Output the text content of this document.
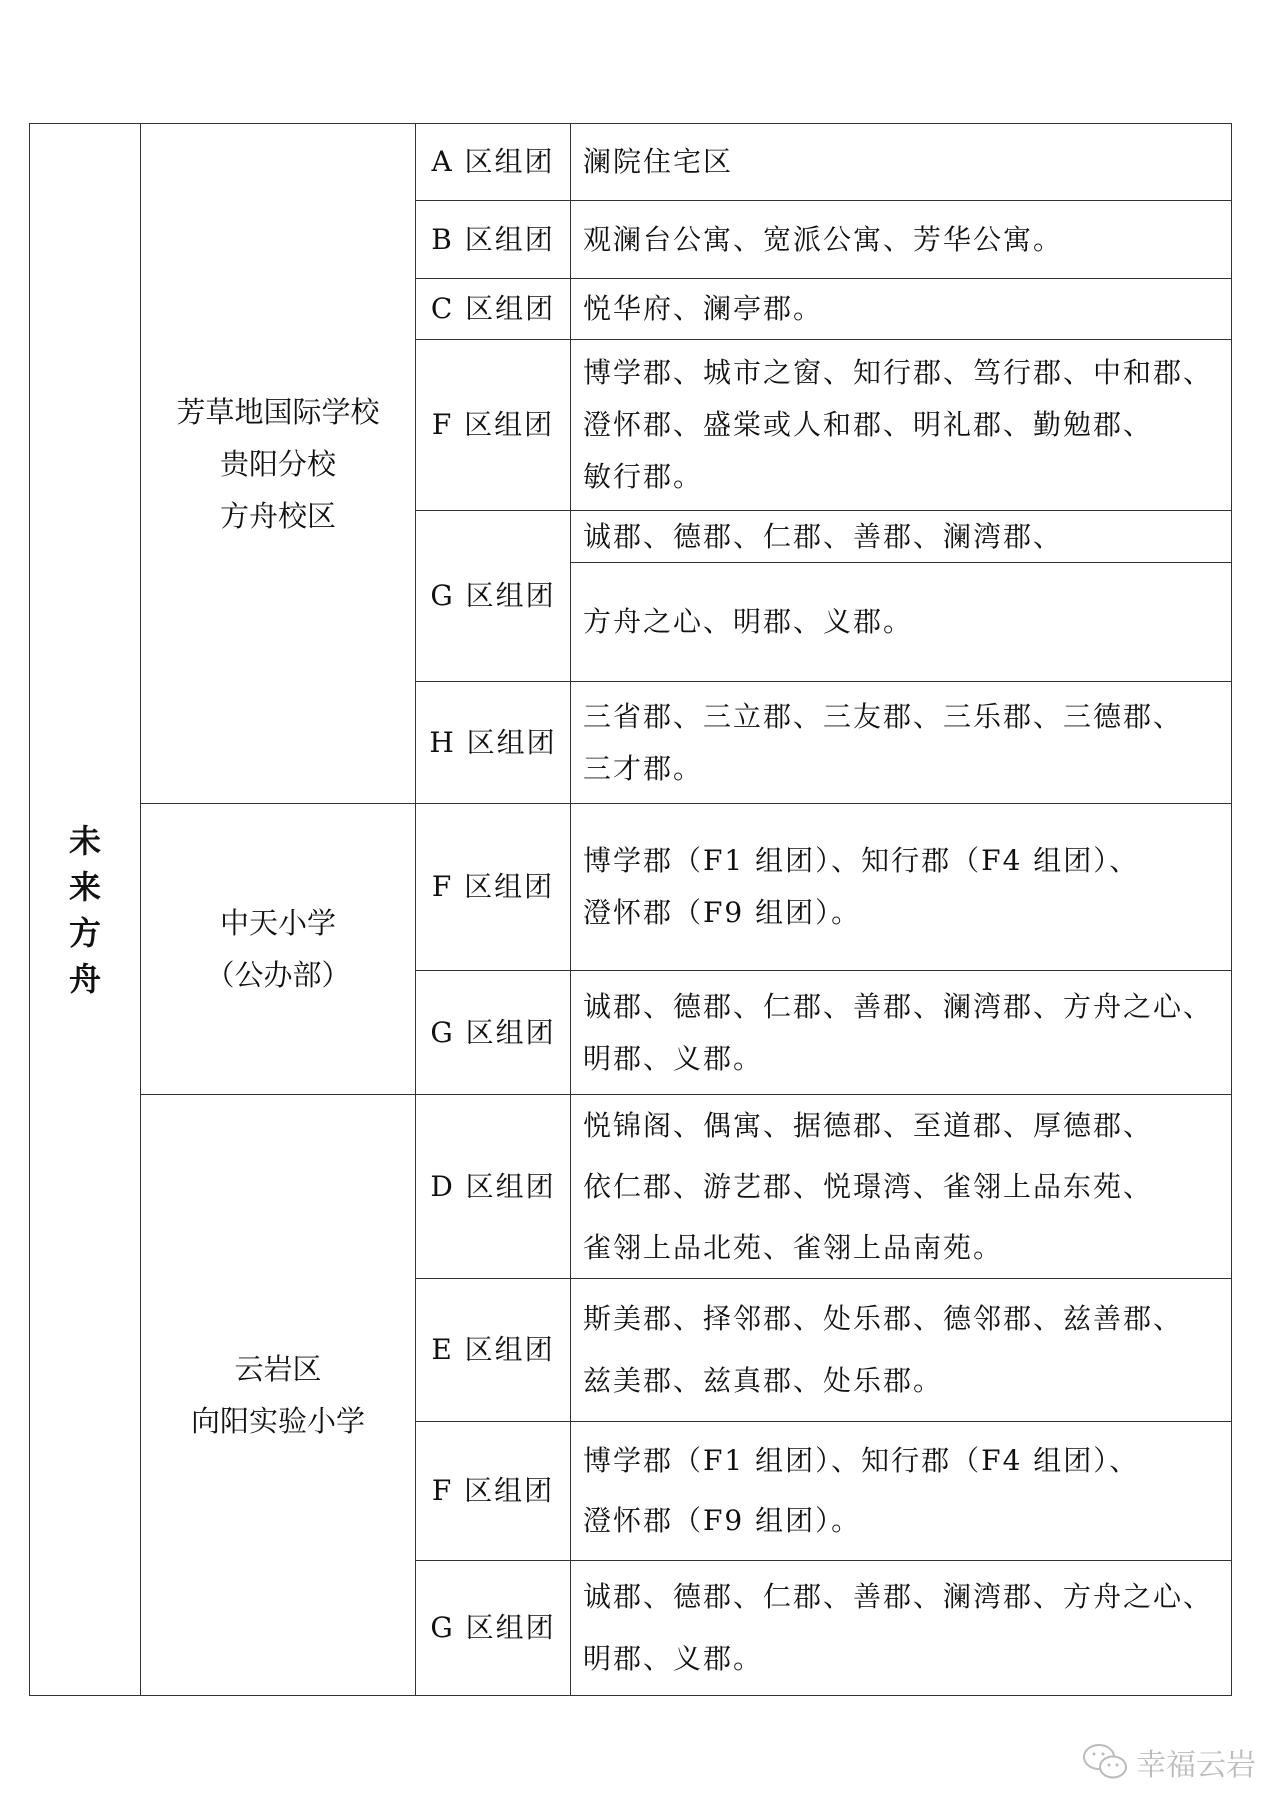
未来方舟
芳草地国际学校
贵阳分校
方舟校区
A 区组团	澜院住宅区
B 区组团	观澜台公寓、宽派公寓、芳华公寓。
C 区组团 悦华府、澜亭郡。
F 区组团
博学郡、城市之窗、知行郡、笃行郡、中和郡、
澄怀郡、盛棠或人和郡、明礼郡、勤勉郡、
敏行郡。
G 区组团
诚郡、德郡、仁郡、善郡、澜湾郡、
方舟之心、明郡、义郡。
H 区组团
三省郡、三立郡、三友郡、三乐郡、三德郡、
三才郡。
中天小学
（公办部）
F 区组团
博学郡（F1 组团）、知行郡（F4 组团）、
澄怀郡（F9 组团）。
G 区组团
诚郡、德郡、仁郡、善郡、澜湾郡、方舟之心、
明郡、义郡。
云岩区
向阳实验小学
D 区组团
悦锦阁、偶寓、据德郡、至道郡、厚德郡、
依仁郡、游艺郡、悦璟湾、雀翎上品东苑、
雀翎上品北苑、雀翎上品南苑。
E 区组团
斯美郡、择邻郡、处乐郡、德邻郡、兹善郡、
兹美郡、兹真郡、处乐郡。
F 区组团
博学郡（F1 组团）、知行郡（F4 组团）、
澄怀郡（F9 组团）。
G 区组团
诚郡、德郡、仁郡、善郡、澜湾郡、方舟之心、
明郡、义郡。
幸福云岩
